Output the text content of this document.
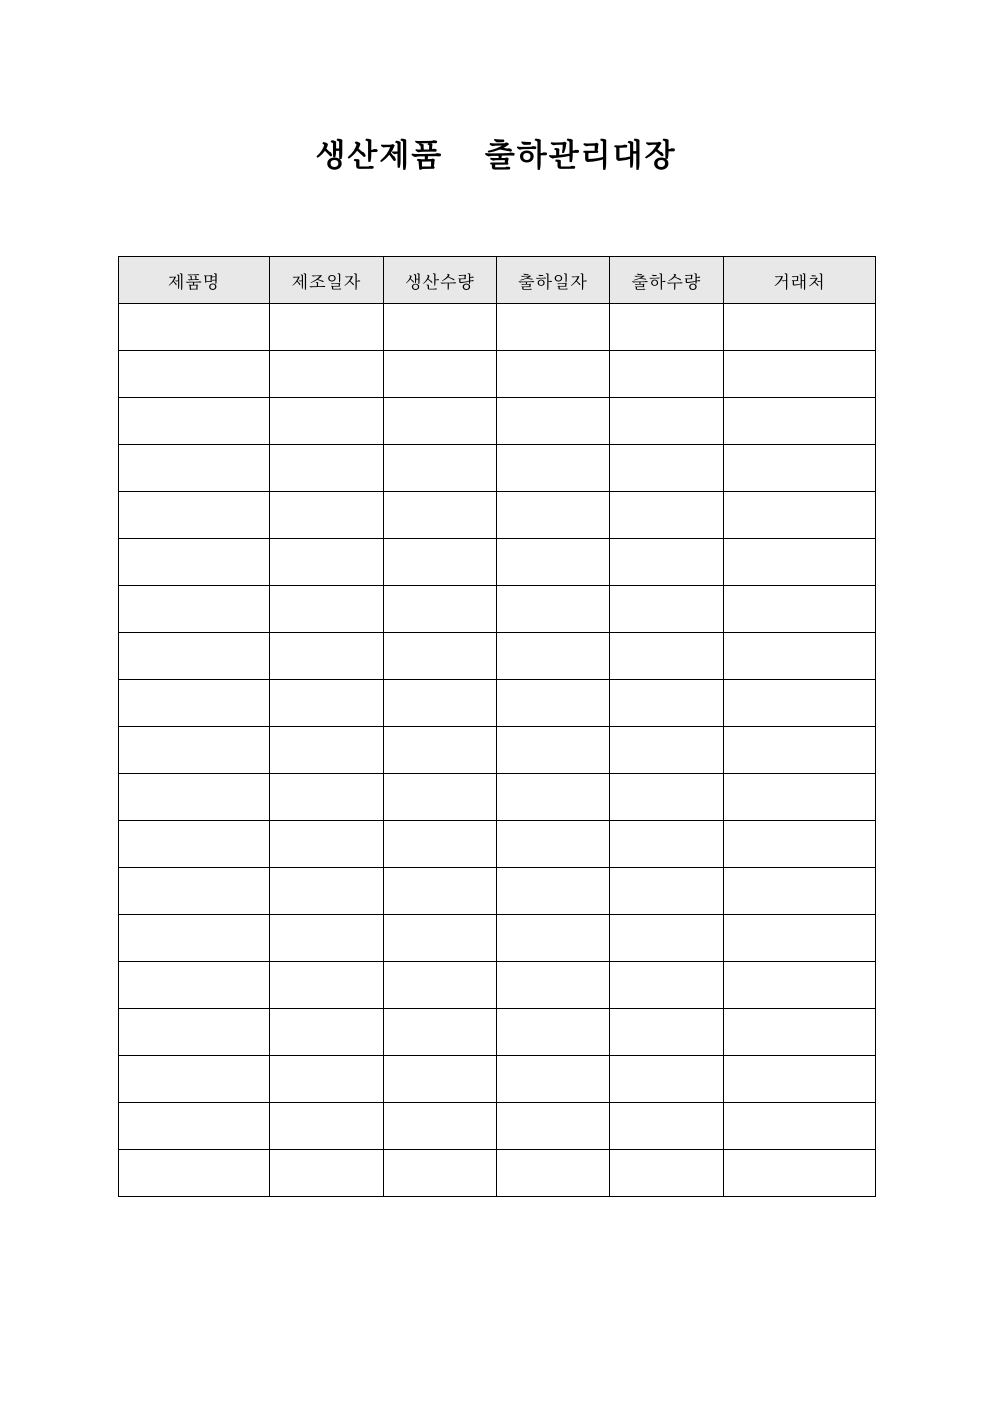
생산제품  출하관리대장
제품명	제조일자	생산수량	출하일자	출하수량	거래처
